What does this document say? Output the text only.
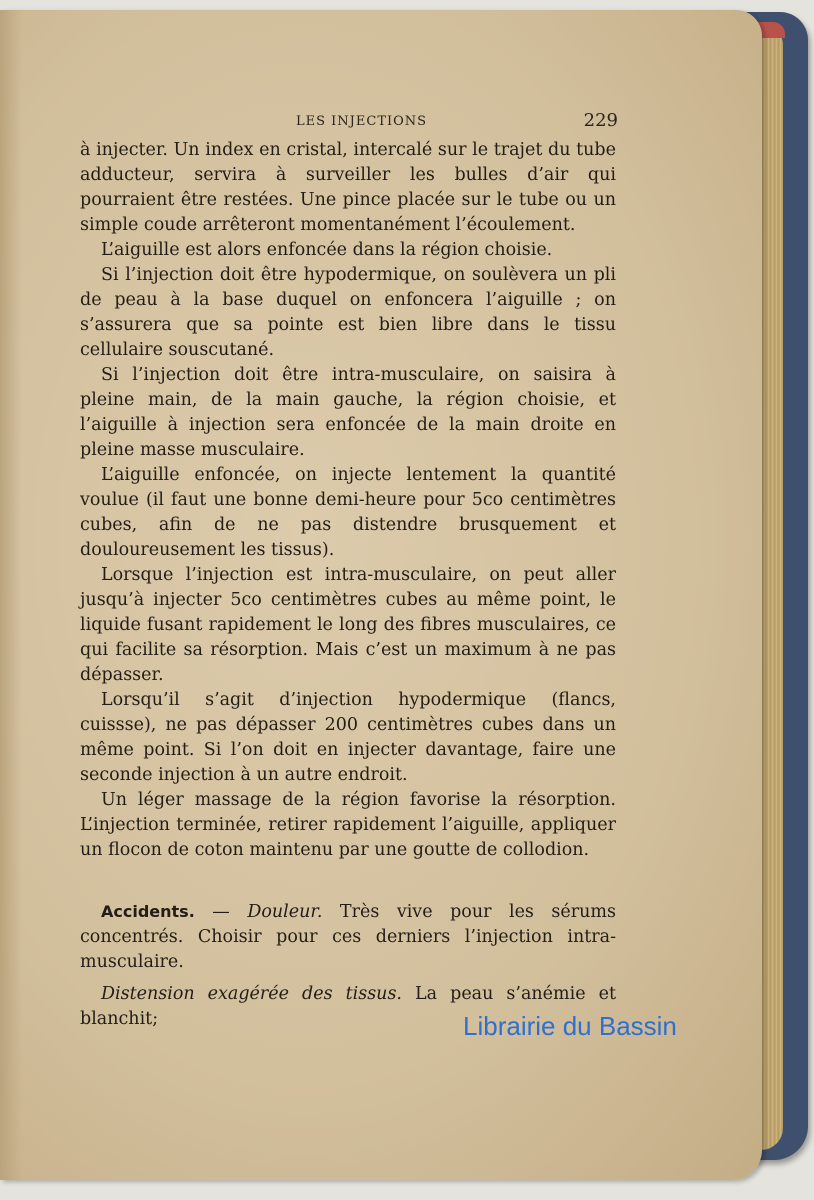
LES INJECTIONS	229

à injecter. Un index en cristal, intercalé sur le trajet du tube adducteur, servira à surveiller les bulles d’air qui pourraient être restées. Une pince placée sur le tube ou un simple coude arrêteront momentanément l’écoulement.

L’aiguille est alors enfoncée dans la région choisie.

Si l’injection doit être hypodermique, on soulèvera un pli de peau à la base duquel on enfoncera l’aiguille ; on s’assurera que sa pointe est bien libre dans le tissu cellulaire souscutané.

Si l’injection doit être intra-musculaire, on saisira à pleine main, de la main gauche, la région choisie, et l’aiguille à injection sera enfoncée de la main droite en pleine masse musculaire.

L’aiguille enfoncée, on injecte lentement la quantité voulue (il faut une bonne demi-heure pour 5co centimètres cubes, afin de ne pas distendre brusquement et douloureusement les tissus).

Lorsque l’injection est intra-musculaire, on peut aller jusqu’à injecter 5co centimètres cubes au même point, le liquide fusant rapidement le long des fibres musculaires, ce qui facilite sa résorption. Mais c’est un maximum à ne pas dépasser.

Lorsqu’il s’agit d’injection hypodermique (flancs, cuissse), ne pas dépasser 200 centimètres cubes dans un même point. Si l’on doit en injecter davantage, faire une seconde injection à un autre endroit.

Un léger massage de la région favorise la résorption. L’injection terminée, retirer rapidement l’aiguille, appliquer un flocon de coton maintenu par une goutte de collodion.

Accidents. — Douleur. Très vive pour les sérums concentrés. Choisir pour ces derniers l’injection intra-musculaire.

Distension exagérée des tissus. La peau s’anémie et blanchit;	Librairie du Bassin
